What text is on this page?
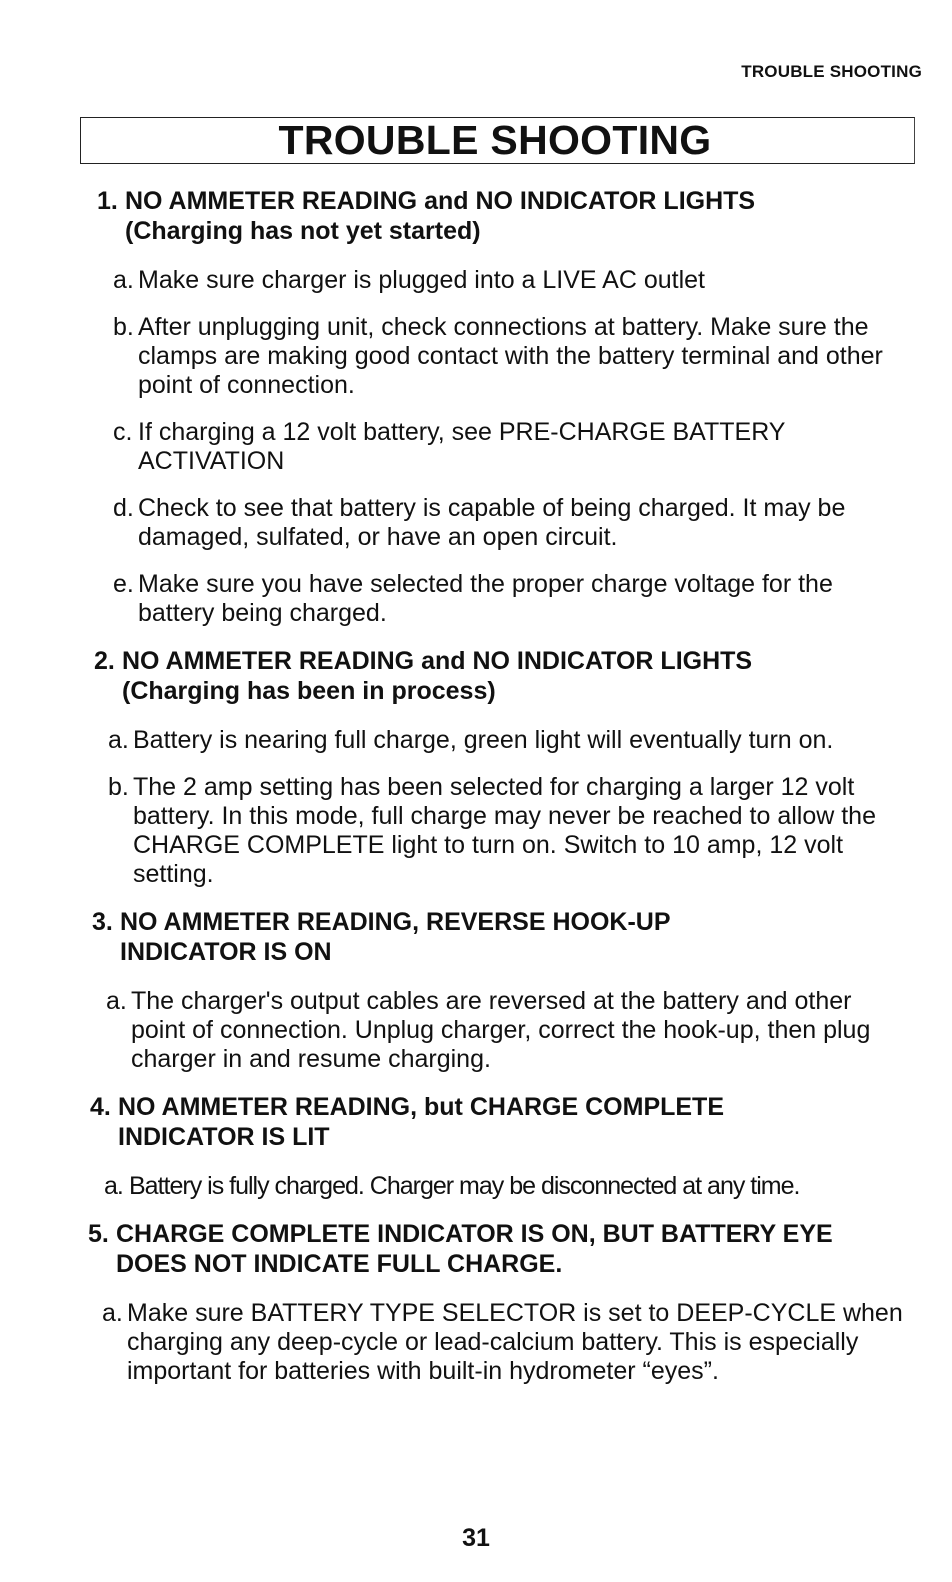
TROUBLE SHOOTING
TROUBLE SHOOTING
1. NO AMMETER READING and NO INDICATOR LIGHTS (Charging has not yet started)
a. Make sure charger is plugged into a LIVE AC outlet
b. After unplugging unit, check connections at battery. Make sure the clamps are making good contact with the battery terminal and other point of connection.
c. If charging a 12 volt battery, see PRE-CHARGE BATTERY ACTIVATION
d. Check to see that battery is capable of being charged. It may be damaged, sulfated, or have an open circuit.
e. Make sure you have selected the proper charge voltage for the battery being charged.
2. NO AMMETER READING and NO INDICATOR LIGHTS (Charging has been in process)
a. Battery is nearing full charge, green light will eventually turn on.
b. The 2 amp setting has been selected for charging a larger 12 volt battery. In this mode, full charge may never be reached to allow the CHARGE COMPLETE light to turn on. Switch to 10 amp, 12 volt setting.
3. NO AMMETER READING, REVERSE HOOK-UP INDICATOR IS ON
a. The charger's output cables are reversed at the battery and other point of connection. Unplug charger, correct the hook-up, then plug charger in and resume charging.
4. NO AMMETER READING, but CHARGE COMPLETE INDICATOR IS LIT
a. Battery is fully charged. Charger may be disconnected at any time.
5. CHARGE COMPLETE INDICATOR IS ON, BUT BATTERY EYE DOES NOT INDICATE FULL CHARGE.
a. Make sure BATTERY TYPE SELECTOR is set to DEEP-CYCLE when charging any deep-cycle or lead-calcium battery. This is especially important for batteries with built-in hydrometer “eyes”.
31
